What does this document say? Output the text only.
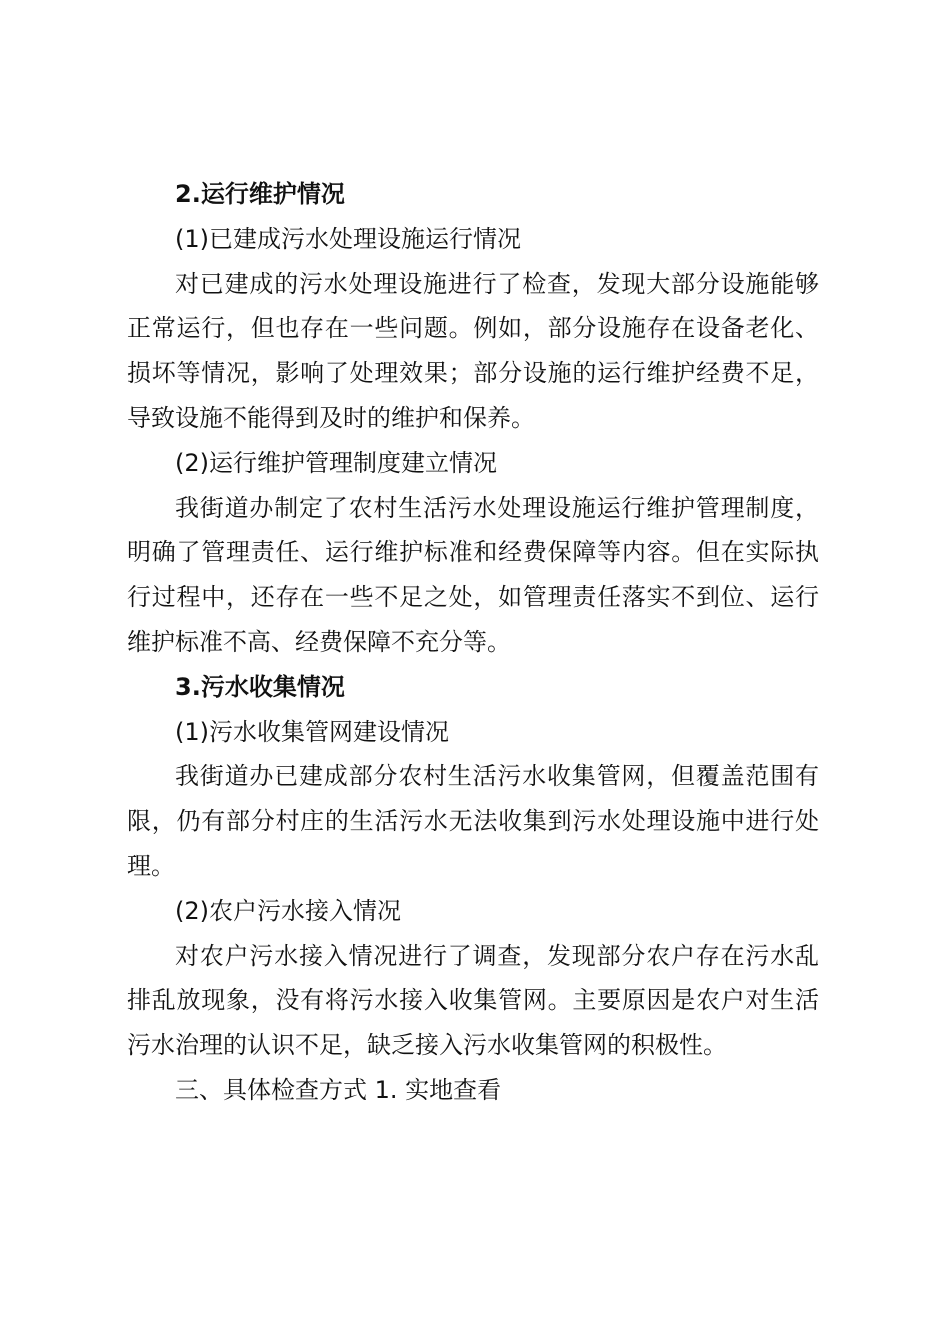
2.运行维护情况

(1)已建成污水处理设施运行情况

对已建成的污水处理设施进行了检查，发现大部分设施能够正常运行，但也存在一些问题。例如，部分设施存在设备老化、损坏等情况，影响了处理效果；部分设施的运行维护经费不足，导致设施不能得到及时的维护和保养。

(2)运行维护管理制度建立情况

我街道办制定了农村生活污水处理设施运行维护管理制度，明确了管理责任、运行维护标准和经费保障等内容。但在实际执行过程中，还存在一些不足之处，如管理责任落实不到位、运行维护标准不高、经费保障不充分等。

3.污水收集情况

(1)污水收集管网建设情况

我街道办已建成部分农村生活污水收集管网，但覆盖范围有限，仍有部分村庄的生活污水无法收集到污水处理设施中进行处理。

(2)农户污水接入情况

对农户污水接入情况进行了调查，发现部分农户存在污水乱排乱放现象，没有将污水接入收集管网。主要原因是农户对生活污水治理的认识不足，缺乏接入污水收集管网的积极性。

三、具体检查方式 1. 实地查看
